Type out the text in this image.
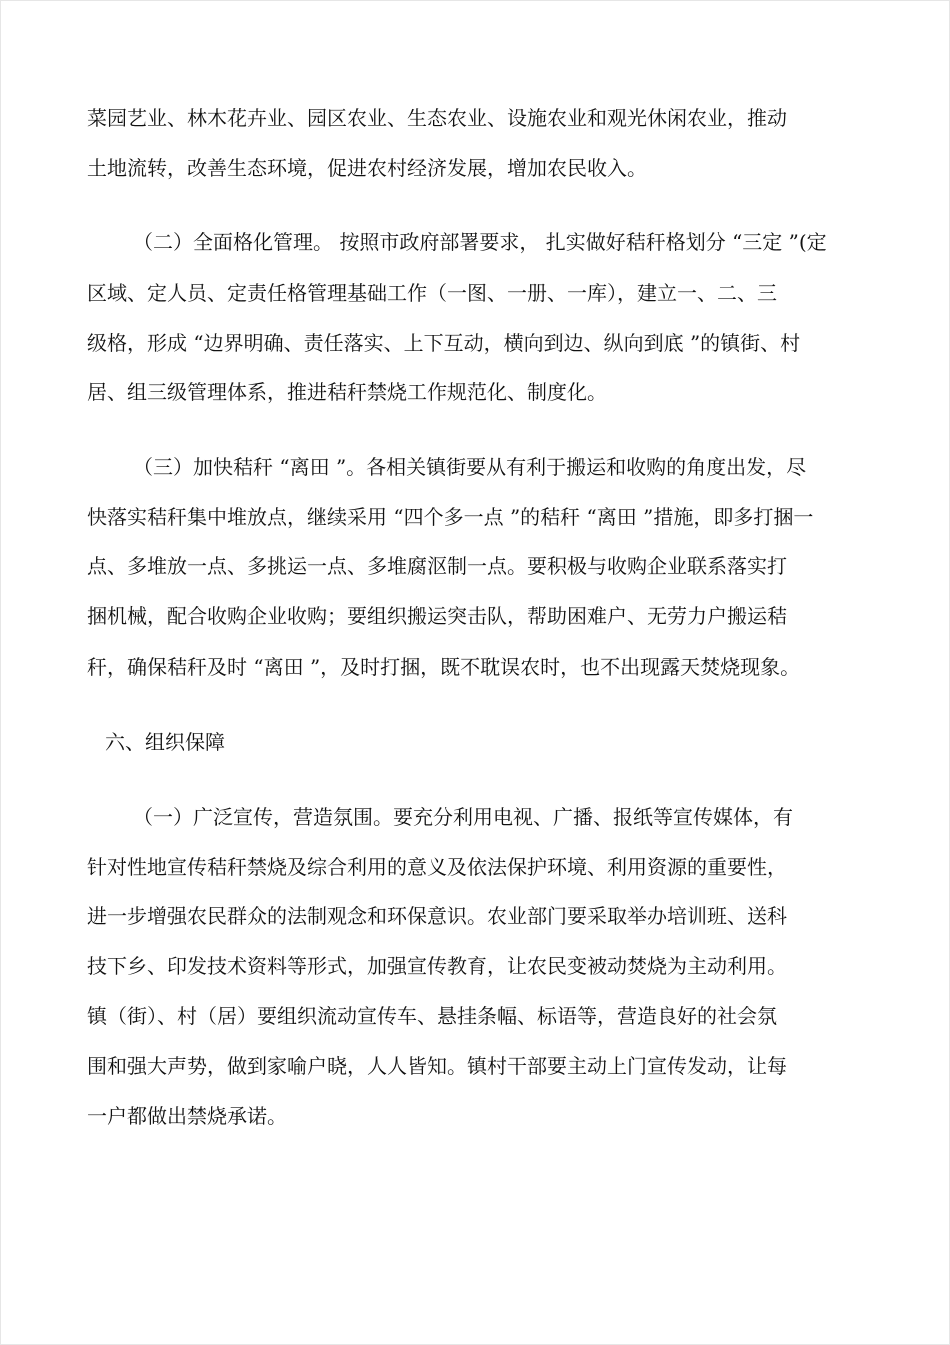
菜园艺业、林木花卉业、园区农业、生态农业、设施农业和观光休闲农业，推动
土地流转，改善生态环境，促进农村经济发展，增加农民收入。
（二）全面格化管理。 按照市政府部署要求， 扎实做好秸秆格划分 “三定 ”(定
区域、定人员、定责任格管理基础工作（一图、一册、一库），建立一、二、三
级格，形成 “边界明确、责任落实、上下互动，横向到边、纵向到底 ”的镇街、村
居、组三级管理体系，推进秸秆禁烧工作规范化、制度化。
（三）加快秸秆 “离田 ”。各相关镇街要从有利于搬运和收购的角度出发，尽
快落实秸秆集中堆放点，继续采用 “四个多一点 ”的秸秆 “离田 ”措施，即多打捆一
点、多堆放一点、多挑运一点、多堆腐沤制一点。要积极与收购企业联系落实打
捆机械，配合收购企业收购；要组织搬运突击队，帮助困难户、无劳力户搬运秸
秆，确保秸秆及时 “离田 ”，及时打捆，既不耽误农时，也不出现露天焚烧现象。
六、组织保障
（一）广泛宣传，营造氛围。要充分利用电视、广播、报纸等宣传媒体，有
针对性地宣传秸秆禁烧及综合利用的意义及依法保护环境、利用资源的重要性，
进一步增强农民群众的法制观念和环保意识。农业部门要采取举办培训班、送科
技下乡、印发技术资料等形式，加强宣传教育，让农民变被动焚烧为主动利用。
镇（街）、村（居）要组织流动宣传车、悬挂条幅、标语等，营造良好的社会氛
围和强大声势，做到家喻户晓，人人皆知。镇村干部要主动上门宣传发动，让每
一户都做出禁烧承诺。
